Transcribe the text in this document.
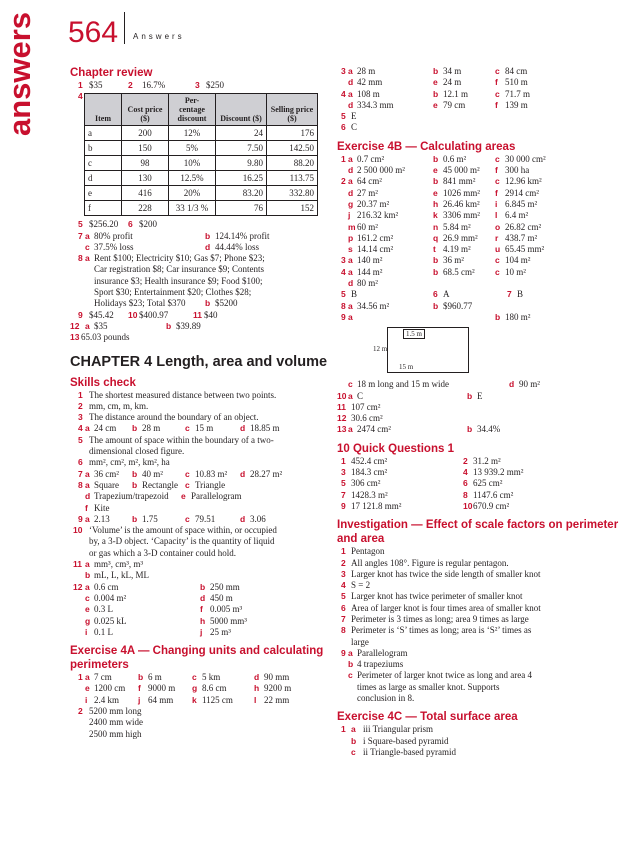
answers 564 Answers
Chapter review
1 $35	2 16.7%	3 $250
4
Item	Cost price ($)	Per- centage discount	Discount ($)	Selling price ($)
a	200	12%	24	176
b	150	5%	7.50	142.50
c	98	10%	9.80	88.20
d	130	12.5%	16.25	113.75
e	416	20%	83.20	332.80
f	228	33 1/3 %	76	152
5 $256.20 6 $200
7 a 80% profit	b 124.14% profit
c 37.5% loss	d 44.44% loss
8 a Rent $100; Electricity $10; Gas $7; Phone $23;
Car registration $8; Car insurance $9; Contents
insurance $3; Health insurance $9; Food $100;
Sport $30; Entertainment $20; Clothes $28;
Holidays $23; Total $370 b $5200
9 $45.42 10 $400.97	11 $40
12 a $35	b $39.89
13 65.03 pounds
CHAPTER 4 Length, area and volume
Skills check
1 The shortest measured distance between two points.
2 mm, cm, m, km.
3 The distance around the boundary of an object.
4 a 24 cm b 28 m	c 15 m	d 18.85 m
5 The amount of space within the boundary of a two-
dimensional closed figure.
6 mm², cm², m², km², ha
7 a 36 cm² b 40 m²	c 10.83 m² d 28.27 m²
8 a Square b Rectangle c Triangle
d Trapezium/trapezoid e Parallelogram
f Kite
9 a 2.13	b 1.75	c 79.51	d 3.06
10 ‘Volume’ is the amount of space within, or occupied
by, a 3-D object. ‘Capacity’ is the quantity of liquid
or gas which a 3-D container could hold.
11 a mm³, cm³, m³
b mL, L, kL, ML
12 a 0.6 cm	b 250 mm
c 0.004 m²	d 450 m
e 0.3 L	f 0.005 m³
g 0.025 kL	h 5000 mm³
i 0.1 L	j 25 m³
Exercise 4A — Changing units and calculating perimeters
1 a 7 cm	b 6 m	c 5 km	d 90 mm
e 1200 cm f 9000 m g 8.6 cm	h 9200 m
i 2.4 km j 64 mm k 1125 cm l 22 mm
2 5200 mm long
2400 mm wide
2500 mm high
3 a 28 m	b 34 m	c 84 cm
d 42 mm	e 24 m	f 510 m
4 a 108 m	b 12.1 m	c 71.7 m
d 334.3 mm	e 79 cm	f 139 m
5 E
6 C
Exercise 4B — Calculating areas
1 a 0.7 cm²	b 0.6 m²	c 30 000 cm²
d 2 500 000 m²	e 45 000 m² f 300 ha
2 a 64 cm²	b 841 mm² c 12.96 km²
d 27 m²	e 1026 mm² f 2914 cm²
g 20.37 m²	h 26.46 km² i 6.845 m²
j 216.32 km²	k 3306 mm² l 6.4 m²
m 60 m²	n 5.84 m²	o 26.82 cm²
p 161.2 cm²	q 26.9 mm² r 438.7 m²
s 14.14 cm²	t 4.19 m²	u 65.45 mm²
3 a 140 m²	b 36 m²	c 104 m²
4 a 144 m²	b 68.5 cm² c 10 m²
d 80 m²
5 B	6 A	7 B
8 a 34.56 m²	b $960.77
9 a	b 180 m²
1.5 m
12 m
15 m
c 18 m long and 15 m wide	d 90 m²
10 a C	b E
11 107 cm²
12 30.6 cm²
13 a 2474 cm²	b 34.4%
10 Quick Questions 1
1 452.4 cm²	2 31.2 m²
3 184.3 cm²	4 13 939.2 mm²
5 306 cm²	6 625 cm²
7 1428.3 m²	8 1147.6 cm²
9 17 121.8 mm²	10 670.9 cm²
Investigation — Effect of scale factors on perimeter and area
1 Pentagon
2 All angles 108°. Figure is regular pentagon.
3 Larger knot has twice the side length of smaller knot
4 S = 2
5 Larger knot has twice perimeter of smaller knot
6 Area of larger knot is four times area of smaller knot
7 Perimeter is 3 times as long; area 9 times as large
8 Perimeter is ‘S’ times as long; area is ‘S²’ times as
large
9 a Parallelogram
b 4 trapeziums
c Perimeter of larger knot twice as long and area 4
times as large as smaller knot. Supports
conclusion in 8.
Exercise 4C — Total surface area
1 a iii Triangular prism
b i Square-based pyramid
c ii Triangle-based pyramid
